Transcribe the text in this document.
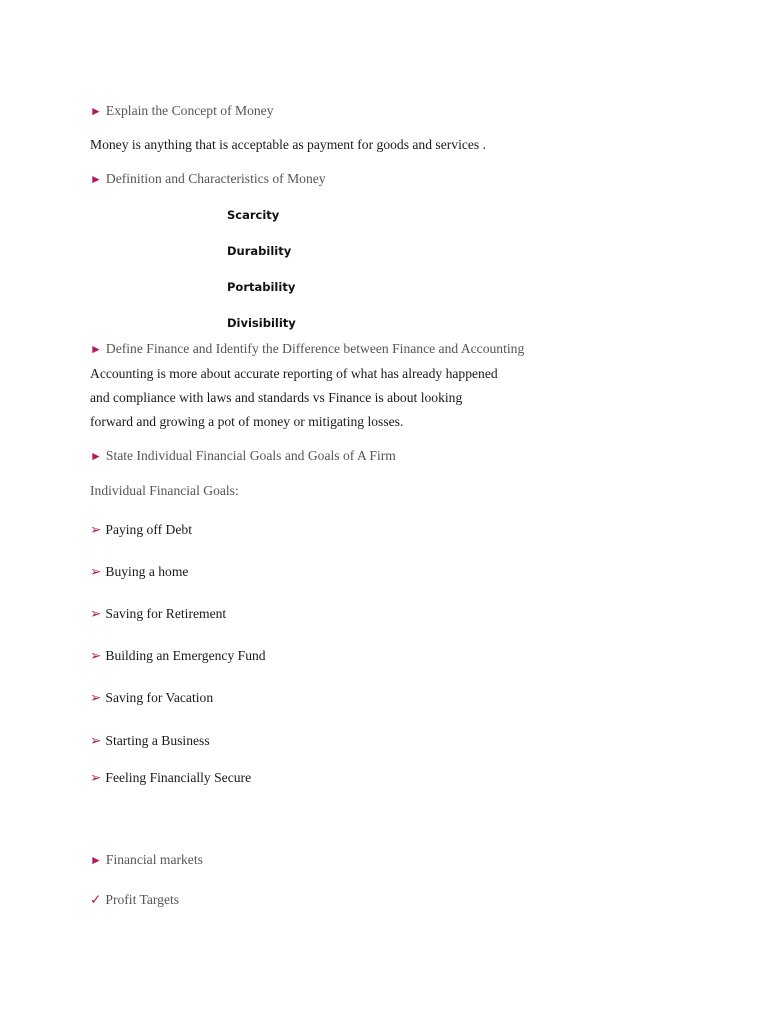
► Explain the Concept of Money
Money is anything that is acceptable as payment for goods and services .
► Definition and Characteristics of Money
Scarcity
Durability
Portability
Divisibility
► Define Finance and Identify the Difference between Finance and Accounting
Accounting is more about accurate reporting of what has already happened
and compliance with laws and standards vs Finance is about looking
forward and growing a pot of money or mitigating losses.
► State Individual Financial Goals and Goals of A Firm
Individual Financial Goals:
➢ Paying off Debt
➢ Buying a home
➢ Saving for Retirement
➢ Building an Emergency Fund
➢ Saving for Vacation
➢ Starting a Business
➢ Feeling Financially Secure
► Financial markets
✓ Profit Targets
